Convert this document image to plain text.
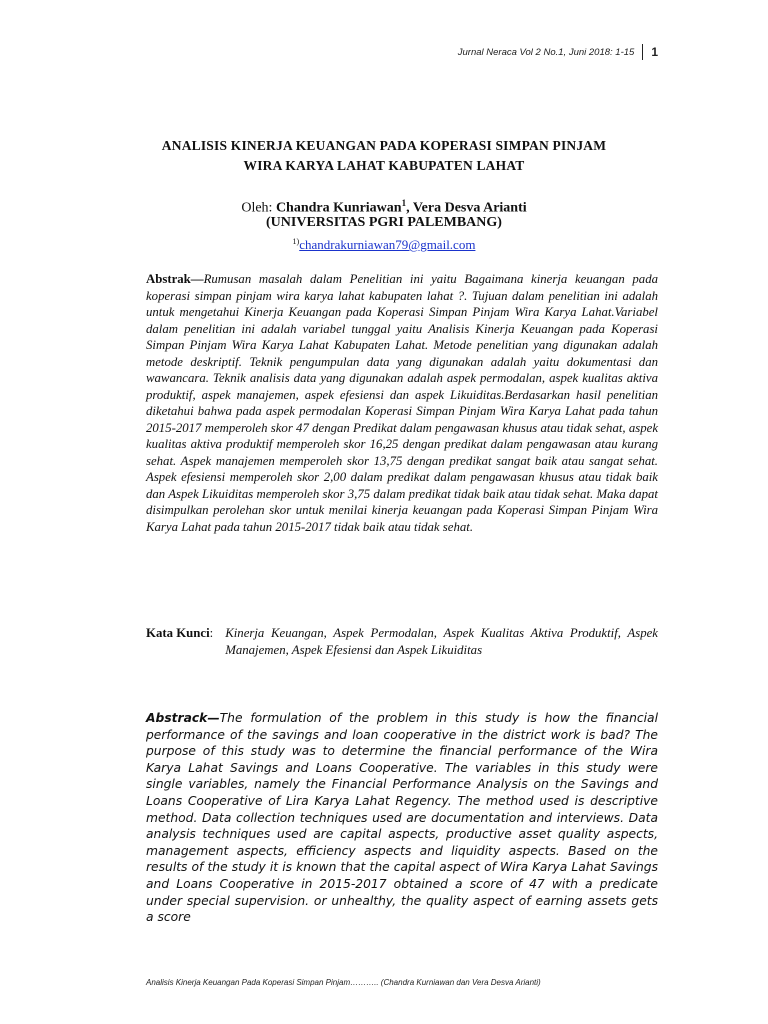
Jurnal Neraca Vol 2 No.1, Juni 2018: 1-15 1
ANALISIS KINERJA KEUANGAN PADA KOPERASI SIMPAN PINJAM
WIRA KARYA LAHAT KABUPATEN LAHAT
Oleh: Chandra Kunriawan$^1$, Vera Desva Arianti
(UNIVERSITAS PGRI PALEMBANG)
$^{1)}$chandrakurniawan79@gmail.com
Abstrak—Rumusan masalah dalam Penelitian ini yaitu Bagaimana kinerja keuangan pada koperasi simpan pinjam wira karya lahat kabupaten lahat ?. Tujuan dalam penelitian ini adalah untuk mengetahui Kinerja Keuangan pada Koperasi Simpan Pinjam Wira Karya Lahat.Variabel dalam penelitian ini adalah variabel tunggal yaitu Analisis Kinerja Keuangan pada Koperasi Simpan Pinjam Wira Karya Lahat Kabupaten Lahat. Metode penelitian yang digunakan adalah metode deskriptif. Teknik pengumpulan data yang digunakan adalah yaitu dokumentasi dan wawancara. Teknik analisis data yang digunakan adalah aspek permodalan, aspek kualitas aktiva produktif, aspek manajemen, aspek efesiensi dan aspek Likuiditas.Berdasarkan hasil penelitian diketahui bahwa pada aspek permodalan Koperasi Simpan Pinjam Wira Karya Lahat pada tahun 2015-2017 memperoleh skor 47 dengan Predikat dalam pengawasan khusus atau tidak sehat, aspek kualitas aktiva produktif memperoleh skor 16,25 dengan predikat dalam pengawasan atau kurang sehat. Aspek manajemen memperoleh skor 13,75 dengan predikat sangat baik atau sangat sehat. Aspek efesiensi memperoleh skor 2,00 dalam predikat dalam pengawasan khusus atau tidak baik dan Aspek Likuiditas memperoleh skor 3,75 dalam predikat tidak baik atau tidak sehat. Maka dapat disimpulkan perolehan skor untuk menilai kinerja keuangan pada Koperasi Simpan Pinjam Wira Karya Lahat pada tahun 2015-2017 tidak baik atau tidak sehat.
Kata Kunci : Kinerja Keuangan, Aspek Permodalan, Aspek Kualitas Aktiva Produktif, Aspek Manajemen, Aspek Efesiensi dan Aspek Likuiditas
Abstrack—The formulation of the problem in this study is how the financial performance of the savings and loan cooperative in the district work is bad? The purpose of this study was to determine the financial performance of the Wira Karya Lahat Savings and Loans Cooperative. The variables in this study were single variables, namely the Financial Performance Analysis on the Savings and Loans Cooperative of Lira Karya Lahat Regency. The method used is descriptive method. Data collection techniques used are documentation and interviews. Data analysis techniques used are capital aspects, productive asset quality aspects, management aspects, efficiency aspects and liquidity aspects. Based on the results of the study it is known that the capital aspect of Wira Karya Lahat Savings and Loans Cooperative in 2015-2017 obtained a score of 47 with a predicate under special supervision. or unhealthy, the quality aspect of earning assets gets a score
Analisis Kinerja Keuangan Pada Koperasi Simpan Pinjam……….. (Chandra Kurniawan dan Vera Desva Arianti)
